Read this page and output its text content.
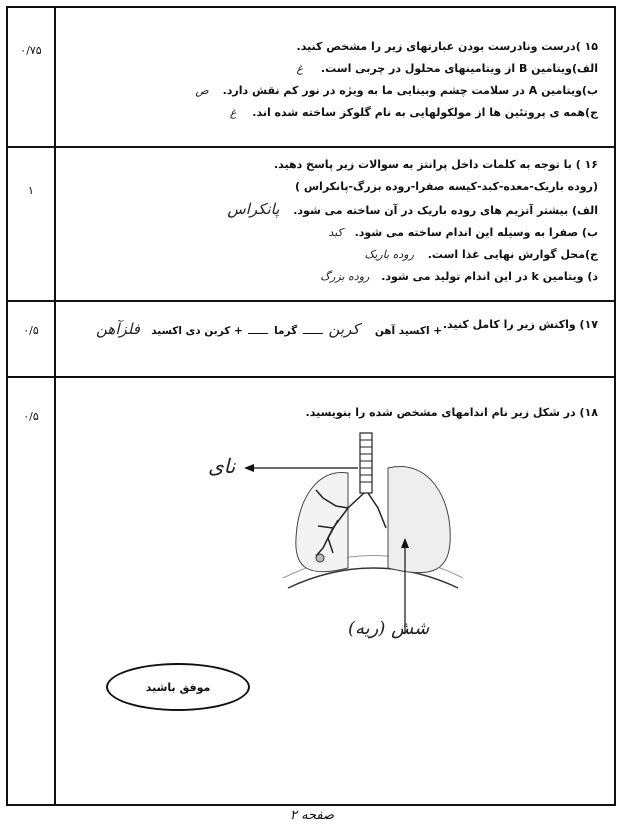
۰/۷۵
۱
۰/۵
۰/۵
۱۵ )درست ونادرست بودن عبارتهای زیر را مشخص کنید.
الف)ویتامین B از ویتامینهای محلول در چربی است. غ
ب)ویتامین A در سلامت چشم وبینایی ما به ویژه در نور کم نقش دارد. ص
ج)همه ی پروتئین ها از مولکولهایی به نام گلوکز ساخته شده اند. غ
۱۶ ) با توجه به کلمات داخل پرانتز به سوالات زیر پاسخ دهید.
(روده باریک-معده-کبد-کیسه صفرا-روده بزرگ-پانکراس )
الف) بیشتر آنزیم های روده باریک در آن ساخته می شود. پانکراس
ب) صفرا به وسیله این اندام ساخته می شود. کبد
ج)محل گوارش نهایی غذا است. روده باریک
د) ویتامین k در این اندام تولید می شود. روده بزرگ
۱۷) واکنش زیر را کامل کنید.
+ اکسید آهن  کربن  گرما  + کربن دی اکسید  فلزآهن
۱۸) در شکل زیر نام اندامهای مشخص شده را بنویسید.
نای
شش (ریه)
موفق باشید
صفحه ۲
